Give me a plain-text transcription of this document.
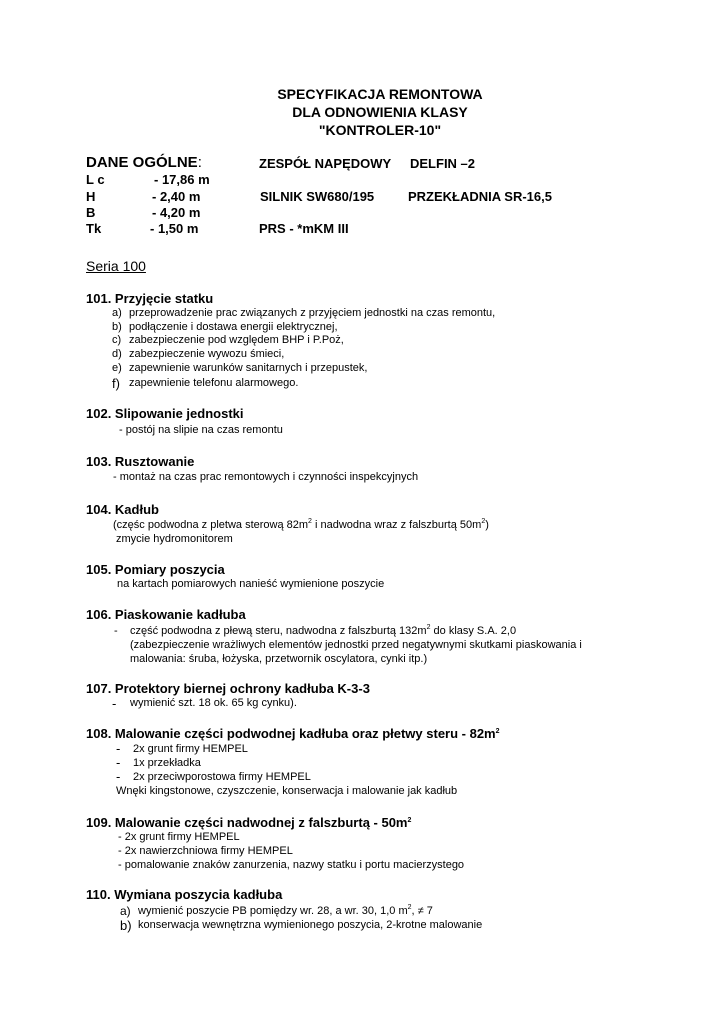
SPECYFIKACJA REMONTOWA
DLA ODNOWIENIA KLASY
"KONTROLER-10"
DANE OGÓLNE:	ZESPÓŁ NAPĘDOWY DELFIN –2
L c	- 17,86 m
H	- 2,40 m	SILNIK SW680/195	PRZEKŁADNIA SR-16,5
B	- 4,20 m
Tk	- 1,50 m	PRS - *mKM III
Seria 100
101. Przyjęcie statku
a) przeprowadzenie prac związanych z przyjęciem jednostki na czas remontu,
b) podłączenie i dostawa energii elektrycznej,
c) zabezpieczenie pod względem BHP i P.Poż,
d) zabezpieczenie wywozu śmieci,
e) zapewnienie warunków sanitarnych i przepustek,
f) zapewnienie telefonu alarmowego.
102. Slipowanie jednostki
- postój na slipie na czas remontu
103. Rusztowanie
- montaż na czas prac remontowych i czynności inspekcyjnych
104. Kadłub
(częśc podwodna z pletwa sterową $82m^2$ i nadwodna wraz z falszburtą $50m^2$)
zmycie hydromonitorem
105. Pomiary poszycia
na kartach pomiarowych nanieść wymienione poszycie
106. Piaskowanie kadłuba
- część podwodna z płewą steru, nadwodna z falszburtą $132m^2$ do klasy S.A. 2,0
(zabezpieczenie wrażliwych elementów jednostki przed negatywnymi skutkami piaskowania i
malowania: śruba, łożyska, przetwornik oscylatora, cynki itp.)
107. Protektory biernej ochrony kadłuba K-3-3
- wymienić szt. 18 ok. 65 kg cynku).
108. Malowanie części podwodnej kadłuba oraz płetwy steru - $82m^2$
- 2x grunt firmy HEMPEL
- 1x przekładka
- 2x przeciwporostowa firmy HEMPEL
Wnęki kingstonowe, czyszczenie, konserwacja i malowanie jak kadłub
109. Malowanie części nadwodnej z falszburtą - $50m^2$
- 2x grunt firmy HEMPEL
- 2x nawierzchniowa firmy HEMPEL
- pomalowanie znaków zanurzenia, nazwy statku i portu macierzystego
110. Wymiana poszycia kadłuba
a) wymienić poszycie PB pomiędzy wr. 28, a wr. 30, 1,0 $m^2$, ≠ 7
b) konserwacja wewnętrzna wymienionego poszycia, 2-krotne malowanie
